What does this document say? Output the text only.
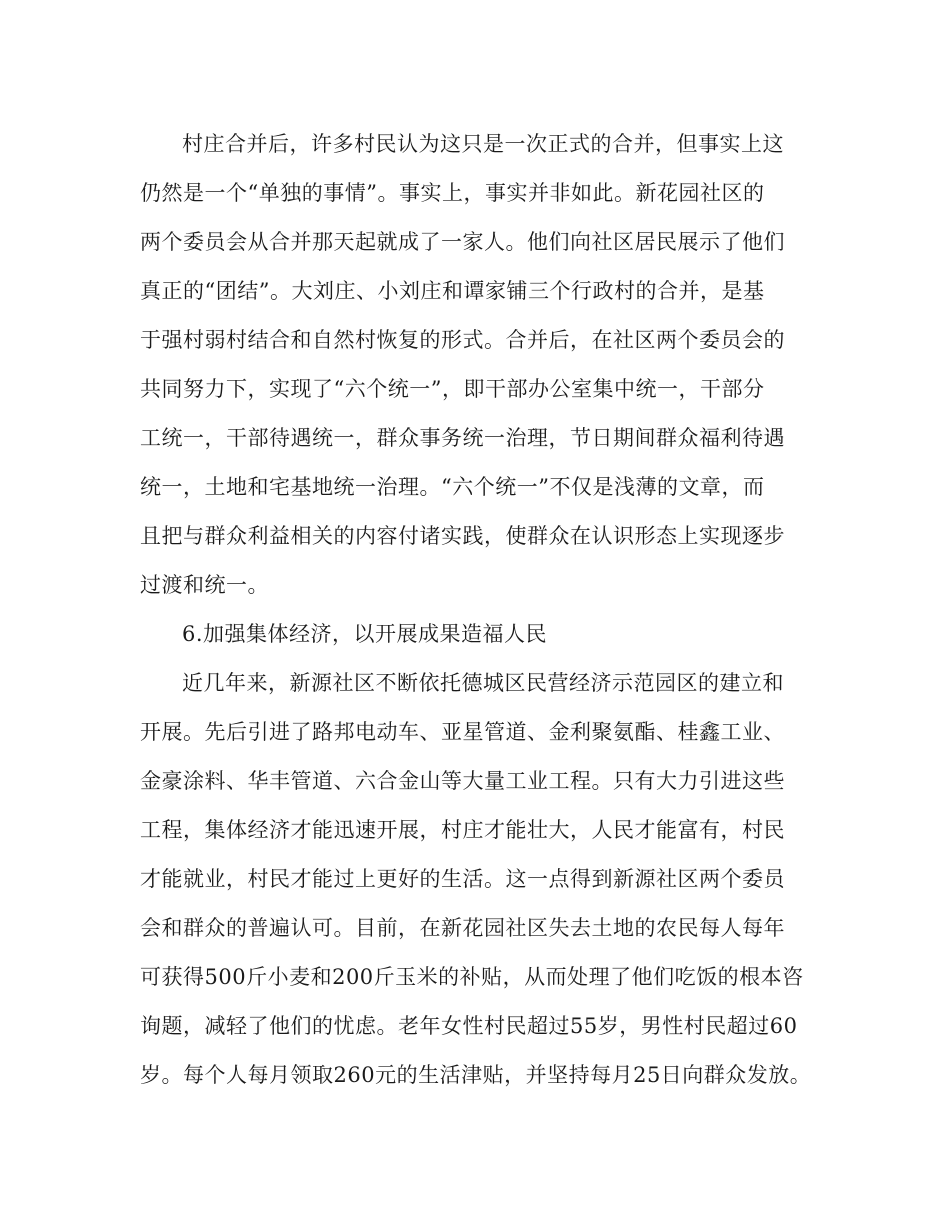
村庄合并后，许多村民认为这只是一次正式的合并，但事实上这
仍然是一个“单独的事情”。事实上，事实并非如此。新花园社区的
两个委员会从合并那天起就成了一家人。他们向社区居民展示了他们
真正的“团结”。大刘庄、小刘庄和谭家铺三个行政村的合并，是基
于强村弱村结合和自然村恢复的形式。合并后，在社区两个委员会的
共同努力下，实现了“六个统一”，即干部办公室集中统一，干部分
工统一，干部待遇统一，群众事务统一治理，节日期间群众福利待遇
统一，土地和宅基地统一治理。“六个统一”不仅是浅薄的文章，而
且把与群众利益相关的内容付诸实践，使群众在认识形态上实现逐步
过渡和统一。
6.加强集体经济，以开展成果造福人民
近几年来，新源社区不断依托德城区民营经济示范园区的建立和
开展。先后引进了路邦电动车、亚星管道、金利聚氨酯、桂鑫工业、
金豪涂料、华丰管道、六合金山等大量工业工程。只有大力引进这些
工程，集体经济才能迅速开展，村庄才能壮大，人民才能富有，村民
才能就业，村民才能过上更好的生活。这一点得到新源社区两个委员
会和群众的普遍认可。目前，在新花园社区失去土地的农民每人每年
可获得500斤小麦和200斤玉米的补贴，从而处理了他们吃饭的根本咨
询题，减轻了他们的忧虑。老年女性村民超过55岁，男性村民超过60
岁。每个人每月领取260元的生活津贴，并坚持每月25日向群众发放。
